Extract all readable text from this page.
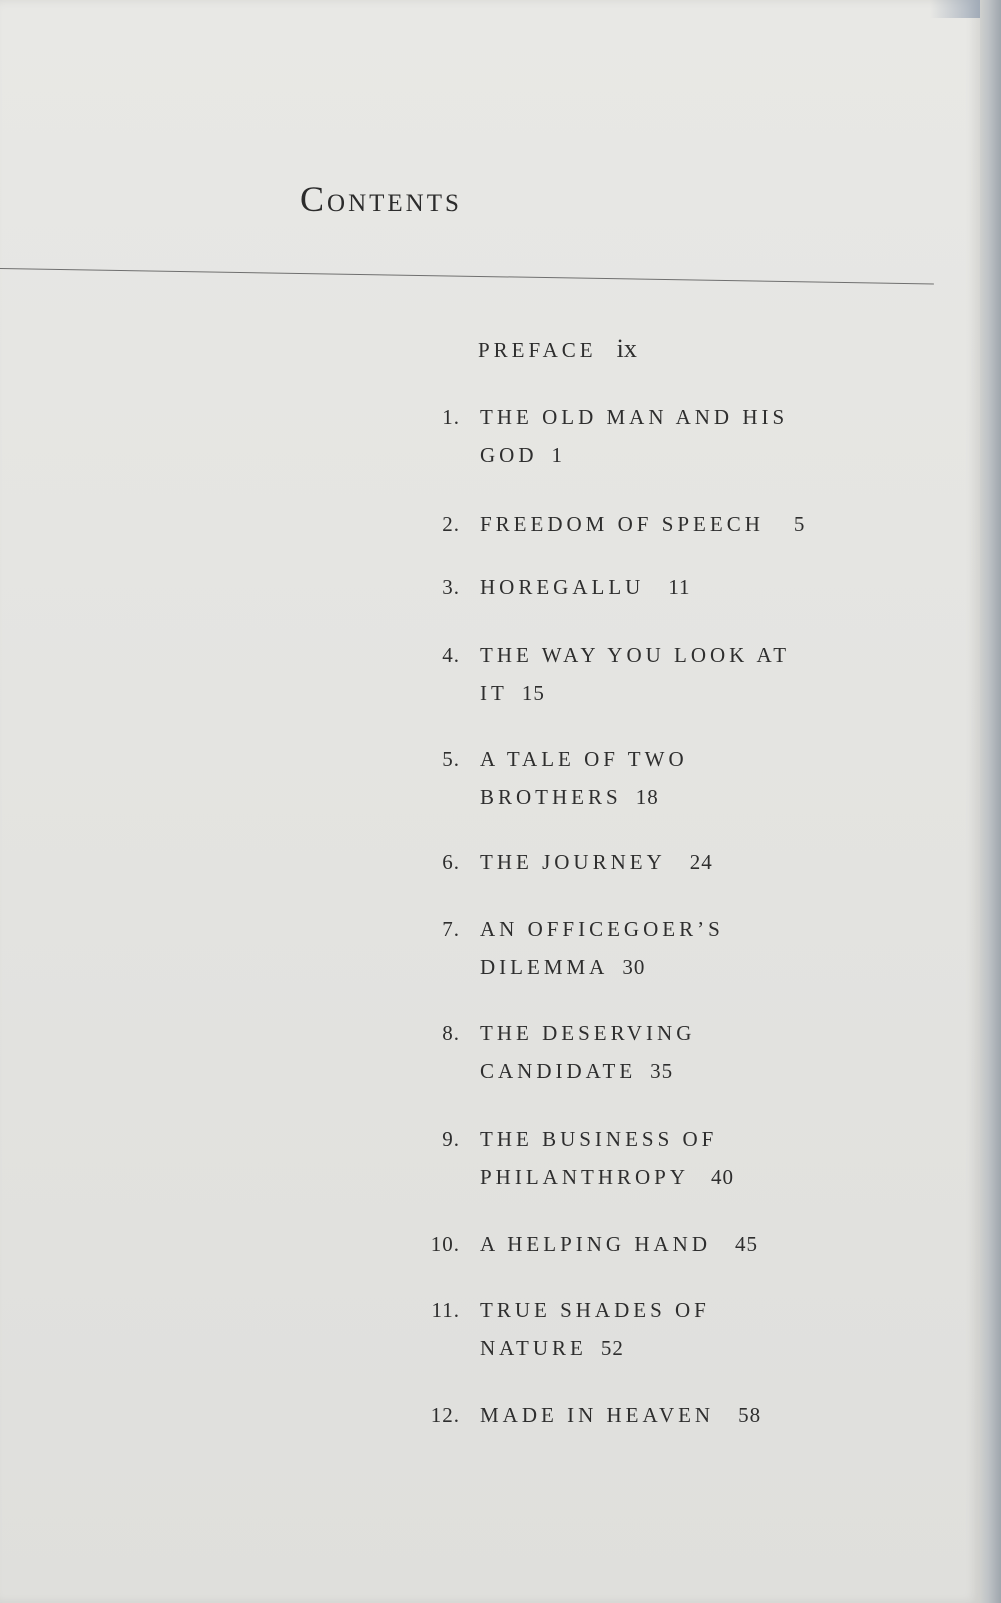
Contents
PREFACE ix
1. THE OLD MAN AND HIS GOD 1
2. FREEDOM OF SPEECH 5
3. HOREGALLU 11
4. THE WAY YOU LOOK AT IT 15
5. A TALE OF TWO BROTHERS 18
6. THE JOURNEY 24
7. AN OFFICEGOER’S DILEMMA 30
8. THE DESERVING CANDIDATE 35
9. THE BUSINESS OF PHILANTHROPY 40
10. A HELPING HAND 45
11. TRUE SHADES OF NATURE 52
12. MADE IN HEAVEN 58
